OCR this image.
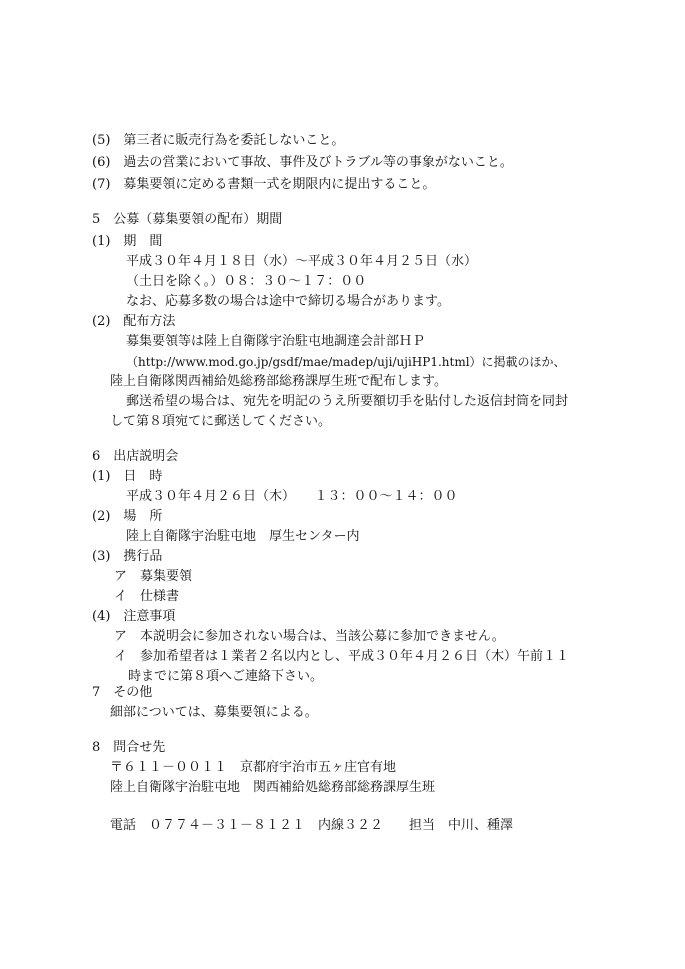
(5)　第三者に販売行為を委託しないこと。
(6)　過去の営業において事故、事件及びトラブル等の事象がないこと。
(7)　募集要領に定める書類一式を期限内に提出すること。
5　公募（募集要領の配布）期間
(1)　期　間
平成３０年４月１８日（水）～平成３０年４月２５日（水）
（土日を除く。）０８：３０～１７：００
なお、応募多数の場合は途中で締切る場合があります。
(2)　配布方法
募集要領等は陸上自衛隊宇治駐屯地調達会計部ＨＰ
（http://www.mod.go.jp/gsdf/mae/madep/uji/ujiHP1.html）に掲載のほか、
陸上自衛隊関西補給処総務部総務課厚生班で配布します。
郵送希望の場合は、宛先を明記のうえ所要額切手を貼付した返信封筒を同封
して第８項宛てに郵送してください。
6　出店説明会
(1)　日　時
平成３０年４月２６日（木）　　１３：００～１４：００
(2)　場　所
陸上自衛隊宇治駐屯地　厚生センター内
(3)　携行品
ア　募集要領
イ　仕様書
(4)　注意事項
ア　本説明会に参加されない場合は、当該公募に参加できません。
イ　参加希望者は１業者２名以内とし、平成３０年４月２６日（木）午前１１
時までに第８項へご連絡下さい。
7　その他
細部については、募集要領による。
8　問合せ先
〒６１１－００１１　京都府宇治市五ヶ庄官有地
陸上自衛隊宇治駐屯地　関西補給処総務部総務課厚生班
電話　０７７４－３１－８１２１　内線３２２　　担当　中川、種澤
